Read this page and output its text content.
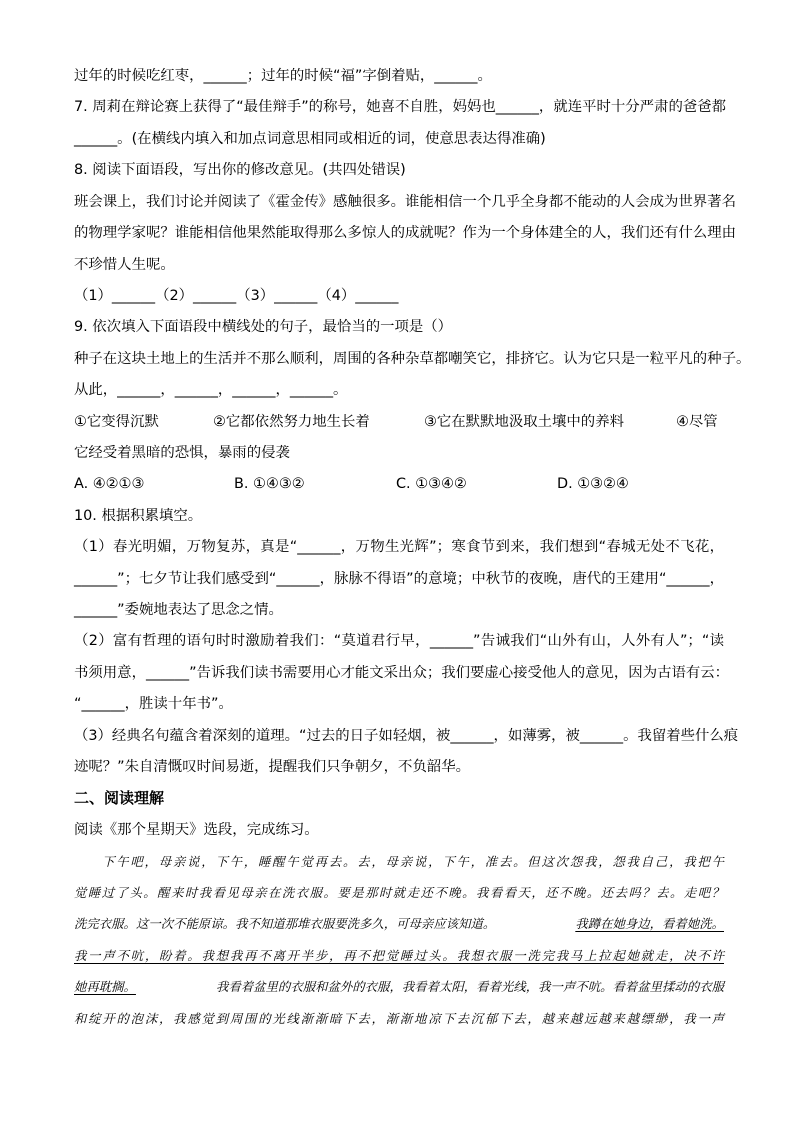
过年的时候吃红枣，______；过年的时候“福”字倒着贴，______。
7. 周莉在辩论赛上获得了“最佳辩手”的称号，她喜不自胜，妈妈也______，就连平时十分严肃的爸爸都
______。(在横线内填入和加点词意思相同或相近的词，使意思表达得准确)
8. 阅读下面语段，写出你的修改意见。(共四处错误)
班会课上，我们讨论并阅读了《霍金传》感触很多。谁能相信一个几乎全身都不能动的人会成为世界著名
的物理学家呢？谁能相信他果然能取得那么多惊人的成就呢？作为一个身体建全的人，我们还有什么理由
不珍惜人生呢。
（1）______（2）______（3）______（4）______
9. 依次填入下面语段中横线处的句子，最恰当的一项是（）
种子在这块土地上的生活并不那么顺利，周围的各种杂草都嘲笑它，排挤它。认为它只是一粒平凡的种子。
从此，______，______，______，______。
①它变得沉默	②它都依然努力地生长着	③它在默默地汲取土壤中的养料	④尽管
它经受着黑暗的恐惧，暴雨的侵袭
A. ④②①③	B. ①④③②	C. ①③④②	D. ①③②④
10. 根据积累填空。
（1）春光明媚，万物复苏，真是“______，万物生光辉”；寒食节到来，我们想到“春城无处不飞花，
______”；七夕节让我们感受到“______，脉脉不得语”的意境；中秋节的夜晚，唐代的王建用“______，
______”委婉地表达了思念之情。
（2）富有哲理的语句时时激励着我们：“莫道君行早，______”告诫我们“山外有山，人外有人”；“读
书须用意，______”告诉我们读书需要用心才能文采出众；我们要虚心接受他人的意见，因为古语有云：
“______，胜读十年书”。
（3）经典名句蕴含着深刻的道理。“过去的日子如轻烟，被______，如薄雾，被______。我留着些什么痕
迹呢？”朱自清慨叹时间易逝，提醒我们只争朝夕，不负韶华。
二、阅读理解
阅读《那个星期天》选段，完成练习。
下午吧，母亲说，下午，睡醒午觉再去。去，母亲说，下午，准去。但这次怨我，怨我自己，我把午
觉睡过了头。醒来时我看见母亲在洗衣服。要是那时就走还不晚。我看看天，还不晚。还去吗？去。走吧？
洗完衣服。这一次不能原谅。我不知道那堆衣服要洗多久，可母亲应该知道。	我蹲在她身边，看着她洗。
我一声不吭，盼着。我想我再不离开半步，再不把觉睡过头。我想衣服一洗完我马上拉起她就走，决不许
她再耽搁。	我看着盆里的衣服和盆外的衣服，我看着太阳，看着光线，我一声不吭。看着盆里揉动的衣服
和绽开的泡沫，我感觉到周围的光线渐渐暗下去，渐渐地凉下去沉郁下去，越来越远越来越缥缈，我一声
